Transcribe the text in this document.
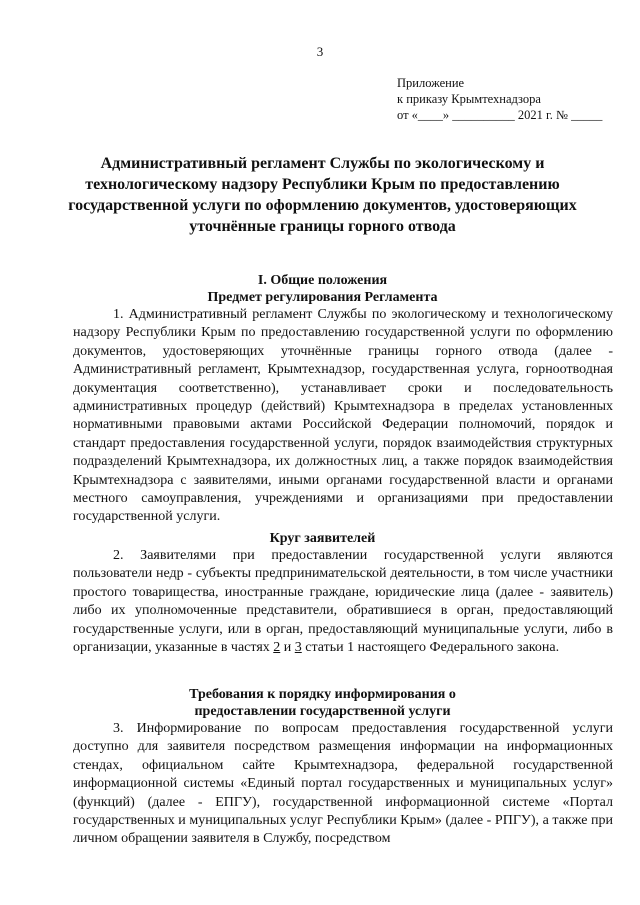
3
Приложение
к приказу Крымтехнадзора
от «____» __________ 2021 г. № _____
Административный регламент Службы по экологическому и технологическому надзору Республики Крым по предоставлению государственной услуги по оформлению документов, удостоверяющих уточнённые границы горного отвода
I. Общие положения
Предмет регулирования Регламента
1. Административный регламент Службы по экологическому и технологическому надзору Республики Крым по предоставлению государственной услуги по оформлению документов, удостоверяющих уточнённые границы горного отвода (далее - Административный регламент, Крымтехнадзор, государственная услуга, горноотводная документация соответственно), устанавливает сроки и последовательность административных процедур (действий) Крымтехнадзора в пределах установленных нормативными правовыми актами Российской Федерации полномочий, порядок и стандарт предоставления государственной услуги, порядок взаимодействия структурных подразделений Крымтехнадзора, их должностных лиц, а также порядок взаимодействия Крымтехнадзора с заявителями, иными органами государственной власти и органами местного самоуправления, учреждениями и организациями при предоставлении государственной услуги.
Круг заявителей
2. Заявителями при предоставлении государственной услуги являются пользователи недр - субъекты предпринимательской деятельности, в том числе участники простого товарищества, иностранные граждане, юридические лица (далее - заявитель) либо их уполномоченные представители, обратившиеся в орган, предоставляющий государственные услуги, или в орган, предоставляющий муниципальные услуги, либо в организации, указанные в частях 2 и 3 статьи 1 настоящего Федерального закона.
Требования к порядку информирования о
предоставлении государственной услуги
3. Информирование по вопросам предоставления государственной услуги доступно для заявителя посредством размещения информации на информационных стендах, официальном сайте Крымтехнадзора, федеральной государственной информационной системы «Единый портал государственных и муниципальных услуг» (функций) (далее - ЕПГУ), государственной информационной системе «Портал государственных и муниципальных услуг Республики Крым» (далее - РПГУ), а также при личном обращении заявителя в Службу, посредством
